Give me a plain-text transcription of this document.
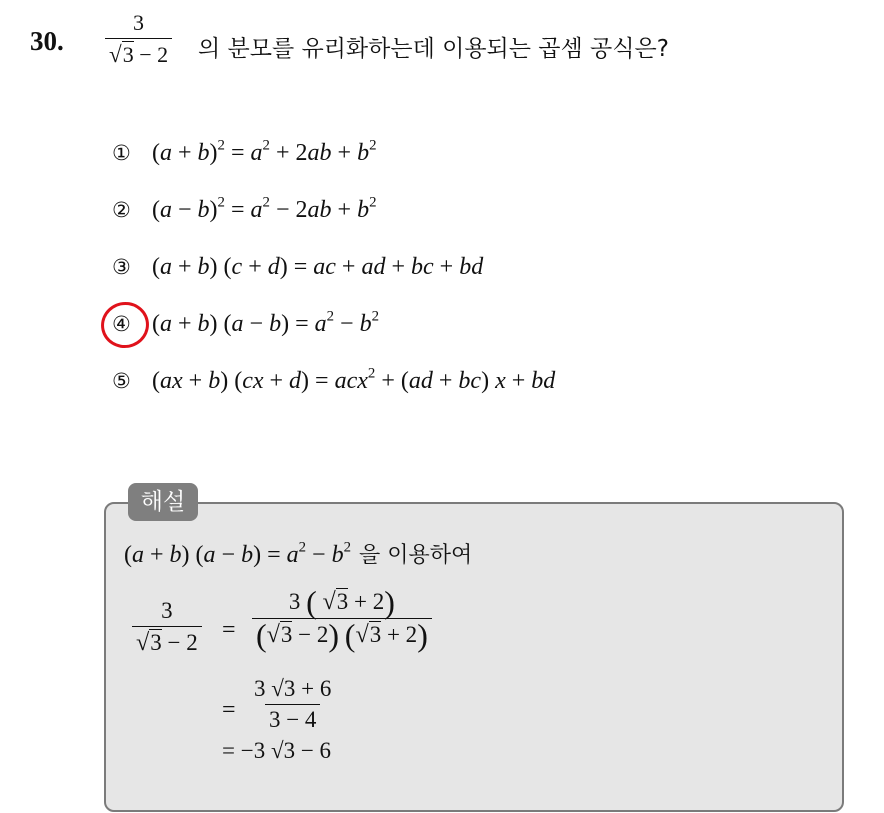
30. $\frac{3}{√3 - 2}$ 의 분모를 유리화하는데 이용되는 곱셈 공식은?
① $(a + b)^2 = a^2 + 2ab + b^2$
② $(a - b)^2 = a^2 - 2ab + b^2$
③ (a + b) (c + d) = ac + ad + bc + bd
④ (a + b) $(a - b) = a^2 - b^2$
⑤ (ax + b) (cx + d) = acx$^2$ + (ad + bc) x + bd
해설
(a + b) $(a - b) = a^2 - b^2$ 을 이용하여
$\frac{3}{√3 - 2} = \frac{3 ( √3 + 2)}{(√3 - 2) (√3 + 2)}$
= $\frac{3 √3 + 6}{3 - 4}$
= −3 √3 − 6
